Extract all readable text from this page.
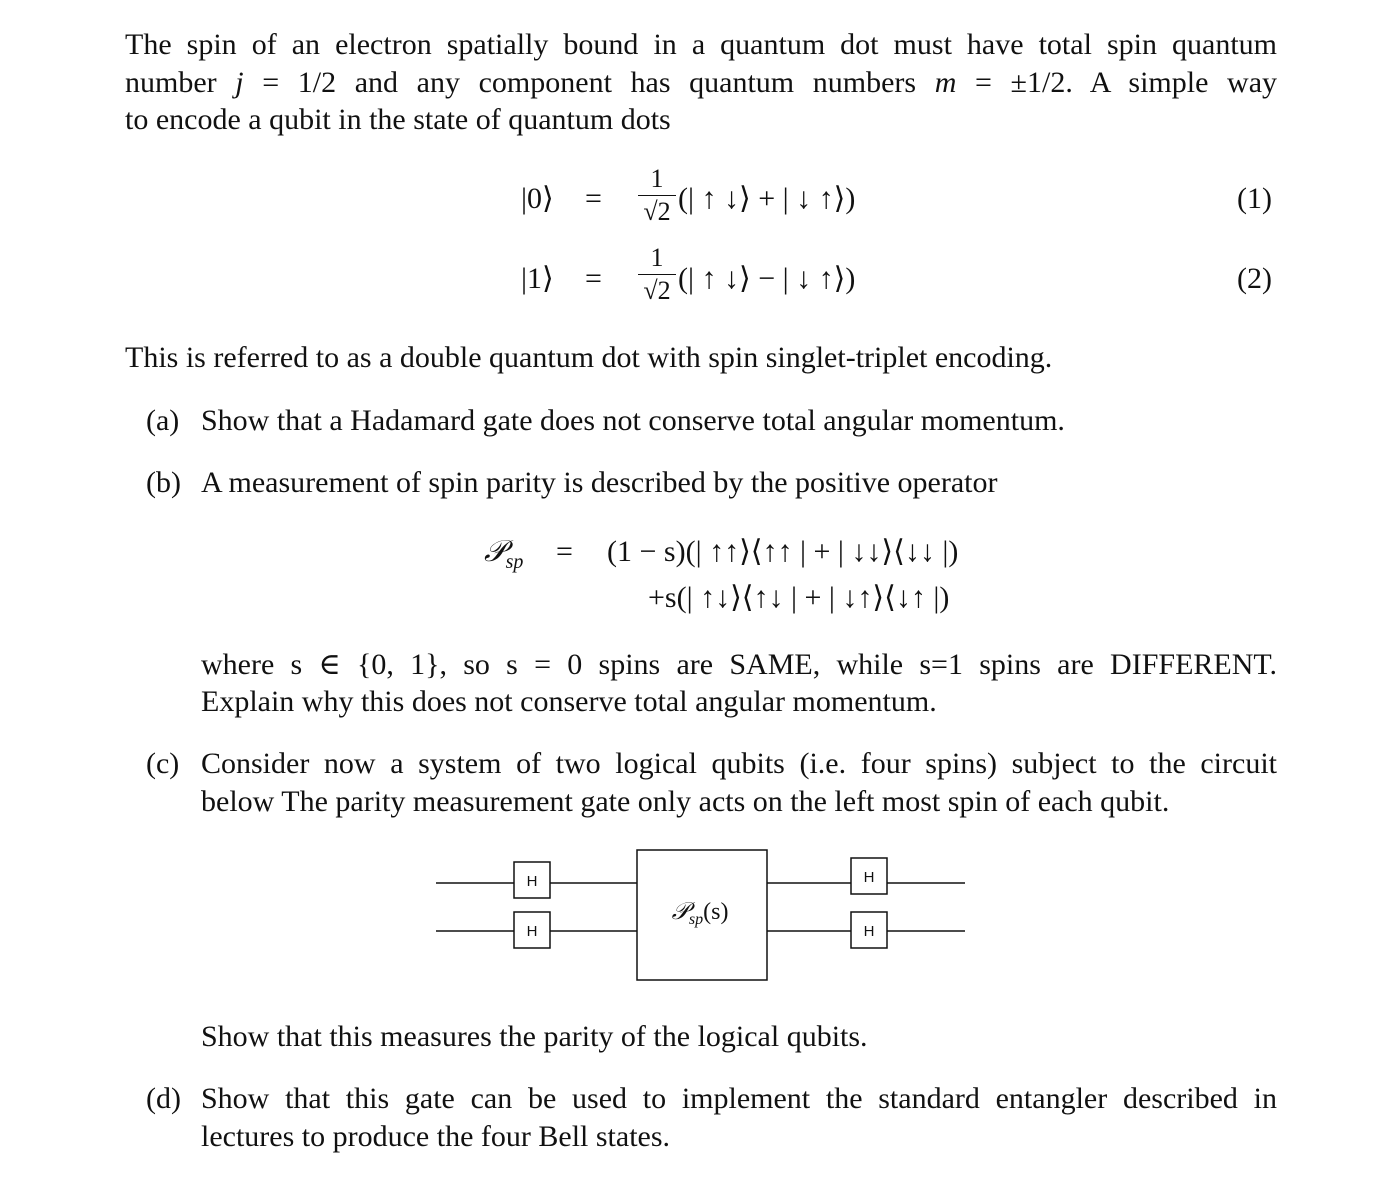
The spin of an electron spatially bound in a quantum dot must have total spin quantum
number j = 1/2 and any component has quantum numbers m = ±1/2. A simple way
to encode a qubit in the state of quantum dots
|0⟩ =
1
√2 (| ↑ ↓⟩ + | ↓ ↑⟩)	(1)
|1⟩ =
1
√2 (| ↑ ↓⟩ − | ↓ ↑⟩)	(2)
This is referred to as a double quantum dot with spin singlet-triplet encoding.
(a) Show that a Hadamard gate does not conserve total angular momentum.
(b) A measurement of spin parity is described by the positive operator
𝒫$_{sp}$ = (1 − s)(| ↑↑⟩⟨↑↑ | + | ↓↓⟩⟨↓↓ |)
+s(| ↑↓⟩⟨↑↓ | + | ↓↑⟩⟨↓↑ |)
where s ∈ {0, 1}, so s = 0 spins are SAME, while s=1 spins are DIFFERENT.
Explain why this does not conserve total angular momentum.
(c) Consider now a system of two logical qubits (i.e. four spins) subject to the circuit
below The parity measurement gate only acts on the left most spin of each qubit.
H
H
H
H
𝒫$_{sp}$(s)
Show that this measures the parity of the logical qubits.
(d) Show that this gate can be used to implement the standard entangler described in
lectures to produce the four Bell states.
